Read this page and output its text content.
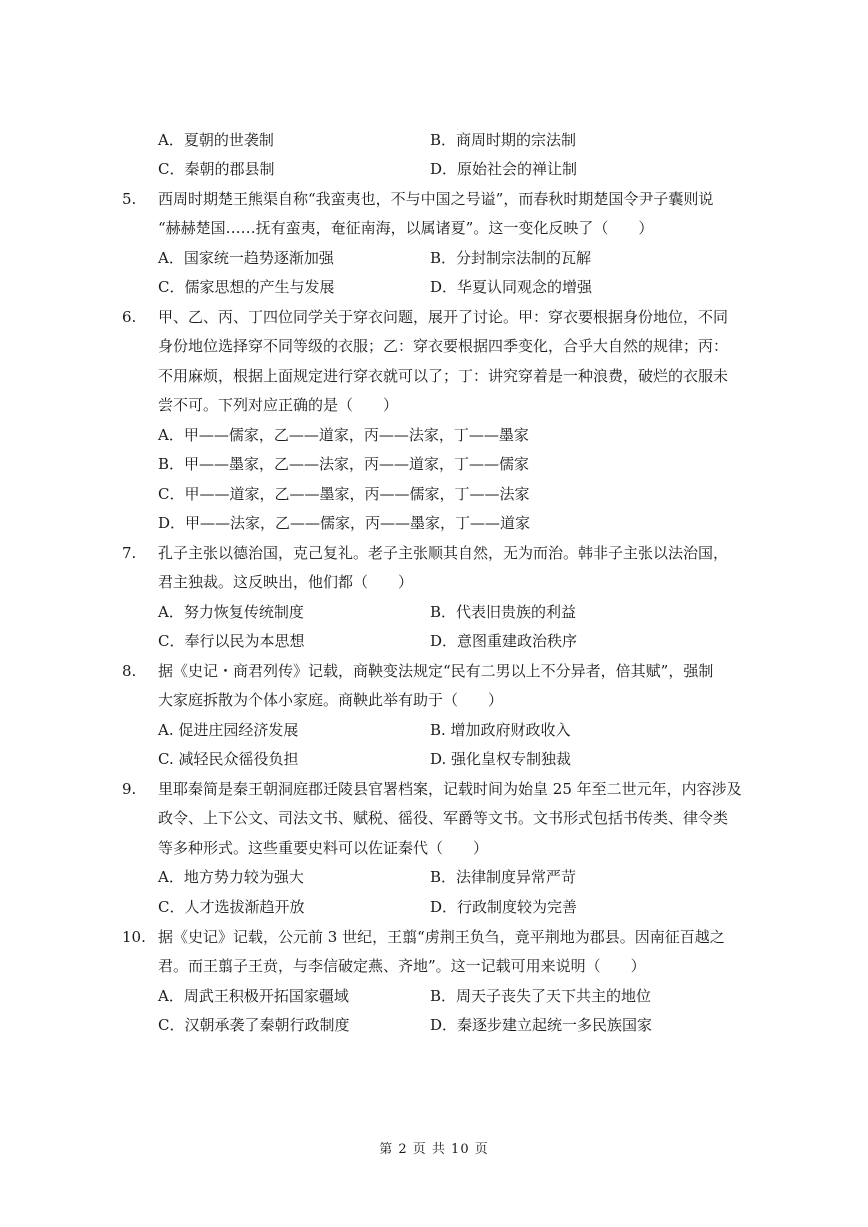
A．夏朝的世袭制	B．商周时期的宗法制
C．秦朝的郡县制	D．原始社会的禅让制
5.	西周时期楚王熊渠自称“我蛮夷也，不与中国之号谥”，而春秋时期楚国令尹子囊则说
“赫赫楚国……抚有蛮夷，奄征南海，以属诸夏”。这一变化反映了（　　）
A．国家统一趋势逐渐加强	B．分封制宗法制的瓦解
C．儒家思想的产生与发展	D．华夏认同观念的增强
6.	甲、乙、丙、丁四位同学关于穿衣问题，展开了讨论。甲：穿衣要根据身份地位，不同
身份地位选择穿不同等级的衣服；乙：穿衣要根据四季变化，合乎大自然的规律；丙：
不用麻烦，根据上面规定进行穿衣就可以了；丁：讲究穿着是一种浪费，破烂的衣服未
尝不可。下列对应正确的是（　　）
A．甲——儒家，乙——道家，丙——法家，丁——墨家
B．甲——墨家，乙——法家，丙——道家，丁——儒家
C．甲——道家，乙——墨家，丙——儒家，丁——法家
D．甲——法家，乙——儒家，丙——墨家，丁——道家
7.	孔子主张以德治国，克己复礼。老子主张顺其自然，无为而治。韩非子主张以法治国，
君主独裁。这反映出，他们都（　　）
A．努力恢复传统制度	B．代表旧贵族的利益
C．奉行以民为本思想	D．意图重建政治秩序
8.	据《史记・商君列传》记载，商鞅变法规定“民有二男以上不分异者，倍其赋”，强制
大家庭拆散为个体小家庭。商鞅此举有助于（　　）
A. 促进庄园经济发展	B. 增加政府财政收入
C. 减轻民众徭役负担	D. 强化皇权专制独裁
9.	里耶秦简是秦王朝洞庭郡迁陵县官署档案，记载时间为始皇 25 年至二世元年，内容涉及
政令、上下公文、司法文书、赋税、徭役、军爵等文书。文书形式包括书传类、律令类
等多种形式。这些重要史料可以佐证秦代（　　）
A．地方势力较为强大	B．法律制度异常严苛
C．人才选拔渐趋开放	D．行政制度较为完善
10. 据《史记》记载，公元前 3 世纪，王翦“虏荆王负刍，竟平荆地为郡县。因南征百越之
君。而王翦子王贲，与李信破定燕、齐地”。这一记载可用来说明（　　）
A．周武王积极开拓国家疆域	B．周天子丧失了天下共主的地位
C．汉朝承袭了秦朝行政制度	D．秦逐步建立起统一多民族国家
第 2 页 共 10 页
